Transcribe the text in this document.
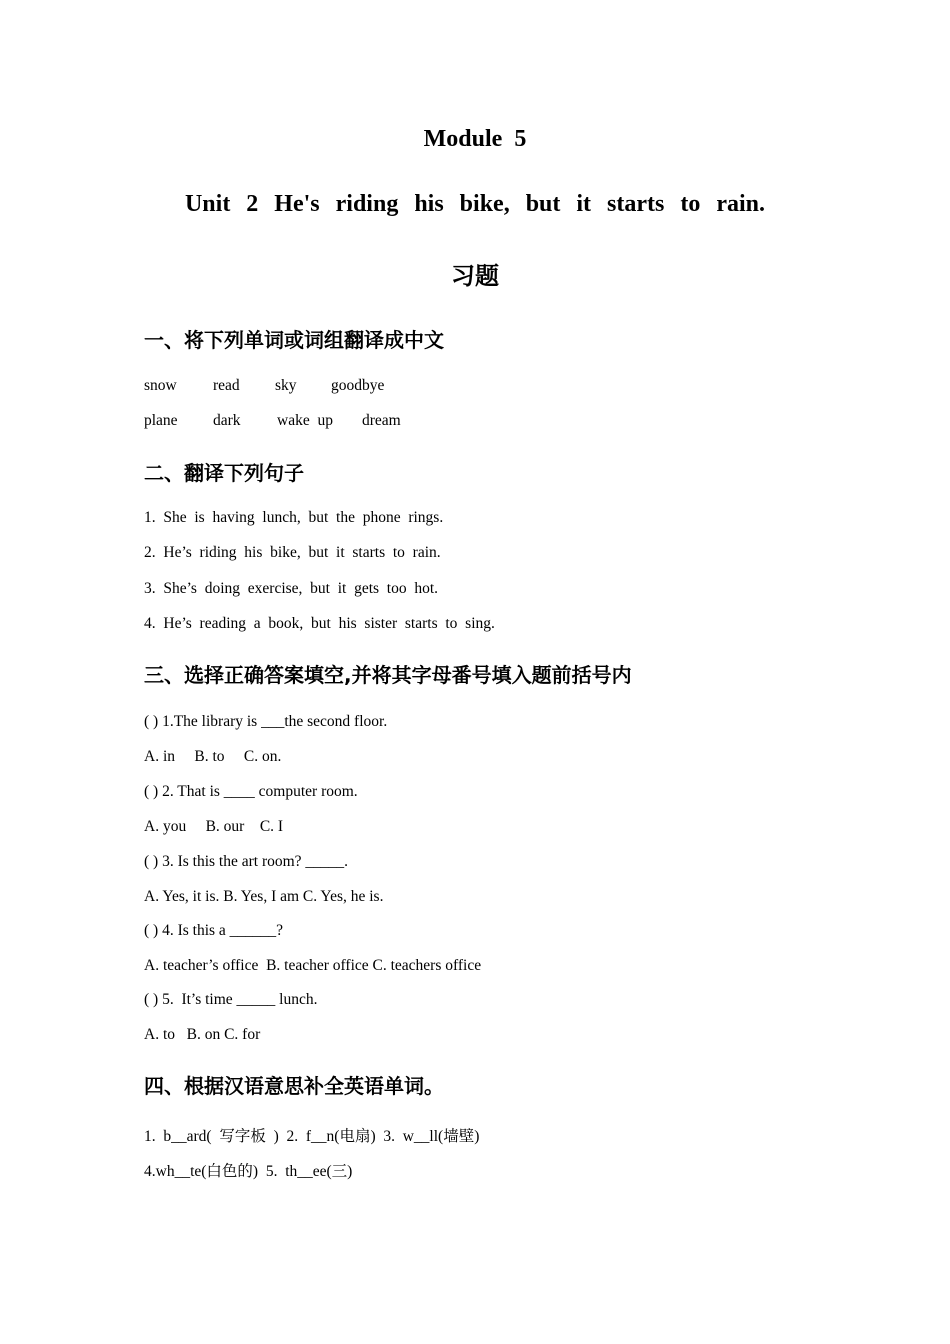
Module  5
Unit  2  He's  riding  his  bike,  but  it  starts  to  rain.
习题
一、将下列单词或词组翻译成中文
snow read sky goodbye
plane dark wake  up dream
二、翻译下列句子
1.  She  is  having  lunch,  but  the  phone  rings.
2.  He’s  riding  his  bike,  but  it  starts  to  rain.
3.  She’s  doing  exercise,  but  it  gets  too  hot.
4.  He’s  reading  a  book,  but  his  sister  starts  to  sing.
三、选择正确答案填空,并将其字母番号填入题前括号内
( ) 1.The library is ___the second floor.
A. in     B. to     C. on.
( ) 2. That is ____ computer room.
A. you     B. our    C. I
( ) 3. Is this the art room? _____.
A. Yes, it is. B. Yes, I am C. Yes, he is.
( ) 4. Is this a ______?
A. teacher’s office  B. teacher office C. teachers office
( ) 5.  It’s time _____ lunch.
A. to   B. on C. for
四、根据汉语意思补全英语单词。
1.  b__ard(  写字板  )  2.  f__n(电扇)  3.  w__ll(墙壁)
4.wh__te(白色的)  5.  th__ee(三)
